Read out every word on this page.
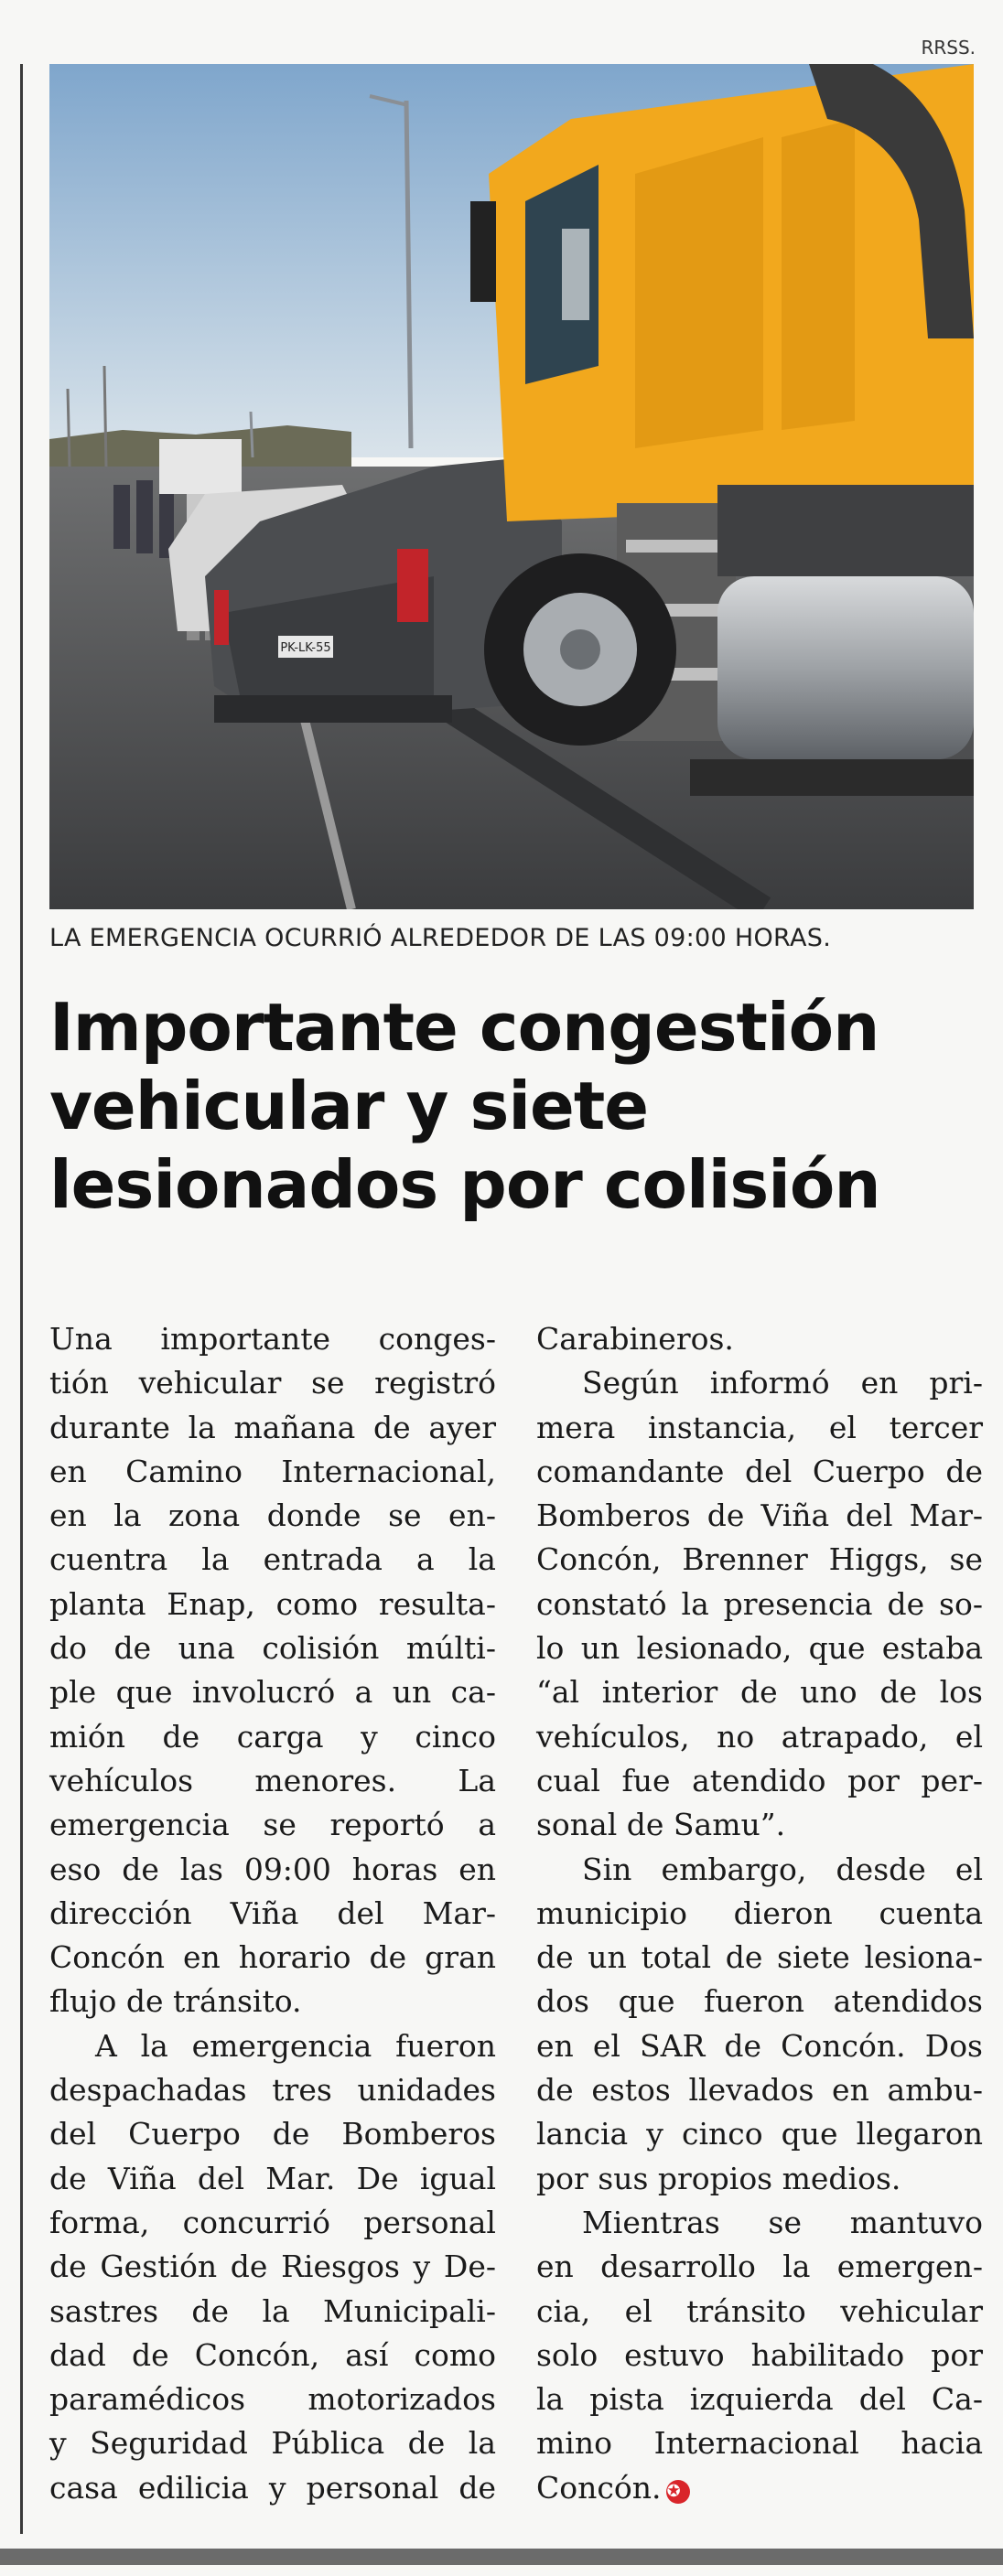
RRSS.
PK-LK-55
LA EMERGENCIA OCURRIÓ ALREDEDOR DE LAS 09:00 HORAS.
Importante congestión
vehicular y siete
lesionados por colisión
Una importante conges-
tión vehicular se registró
durante la mañana de ayer
en Camino Internacional,
en la zona donde se en-
cuentra la entrada a la
planta Enap, como resulta-
do de una colisión múlti-
ple que involucró a un ca-
mión de carga y cinco
vehículos menores. La
emergencia se reportó a
eso de las 09:00 horas en
dirección Viña del Mar-
Concón en horario de gran
flujo de tránsito.
A la emergencia fueron
despachadas tres unidades
del Cuerpo de Bomberos
de Viña del Mar. De igual
forma, concurrió personal
de Gestión de Riesgos y De-
sastres de la Municipali-
dad de Concón, así como
paramédicos motorizados
y Seguridad Pública de la
casa edilicia y personal de
Carabineros.
Según informó en pri-
mera instancia, el tercer
comandante del Cuerpo de
Bomberos de Viña del Mar-
Concón, Brenner Higgs, se
constató la presencia de so-
lo un lesionado, que estaba
“al interior de uno de los
vehículos, no atrapado, el
cual fue atendido por per-
sonal de Samu”.
Sin embargo, desde el
municipio dieron cuenta
de un total de siete lesiona-
dos que fueron atendidos
en el SAR de Concón. Dos
de estos llevados en ambu-
lancia y cinco que llegaron
por sus propios medios.
Mientras se mantuvo
en desarrollo la emergen-
cia, el tránsito vehicular
solo estuvo habilitado por
la pista izquierda del Ca-
mino Internacional hacia
Concón. ✪
